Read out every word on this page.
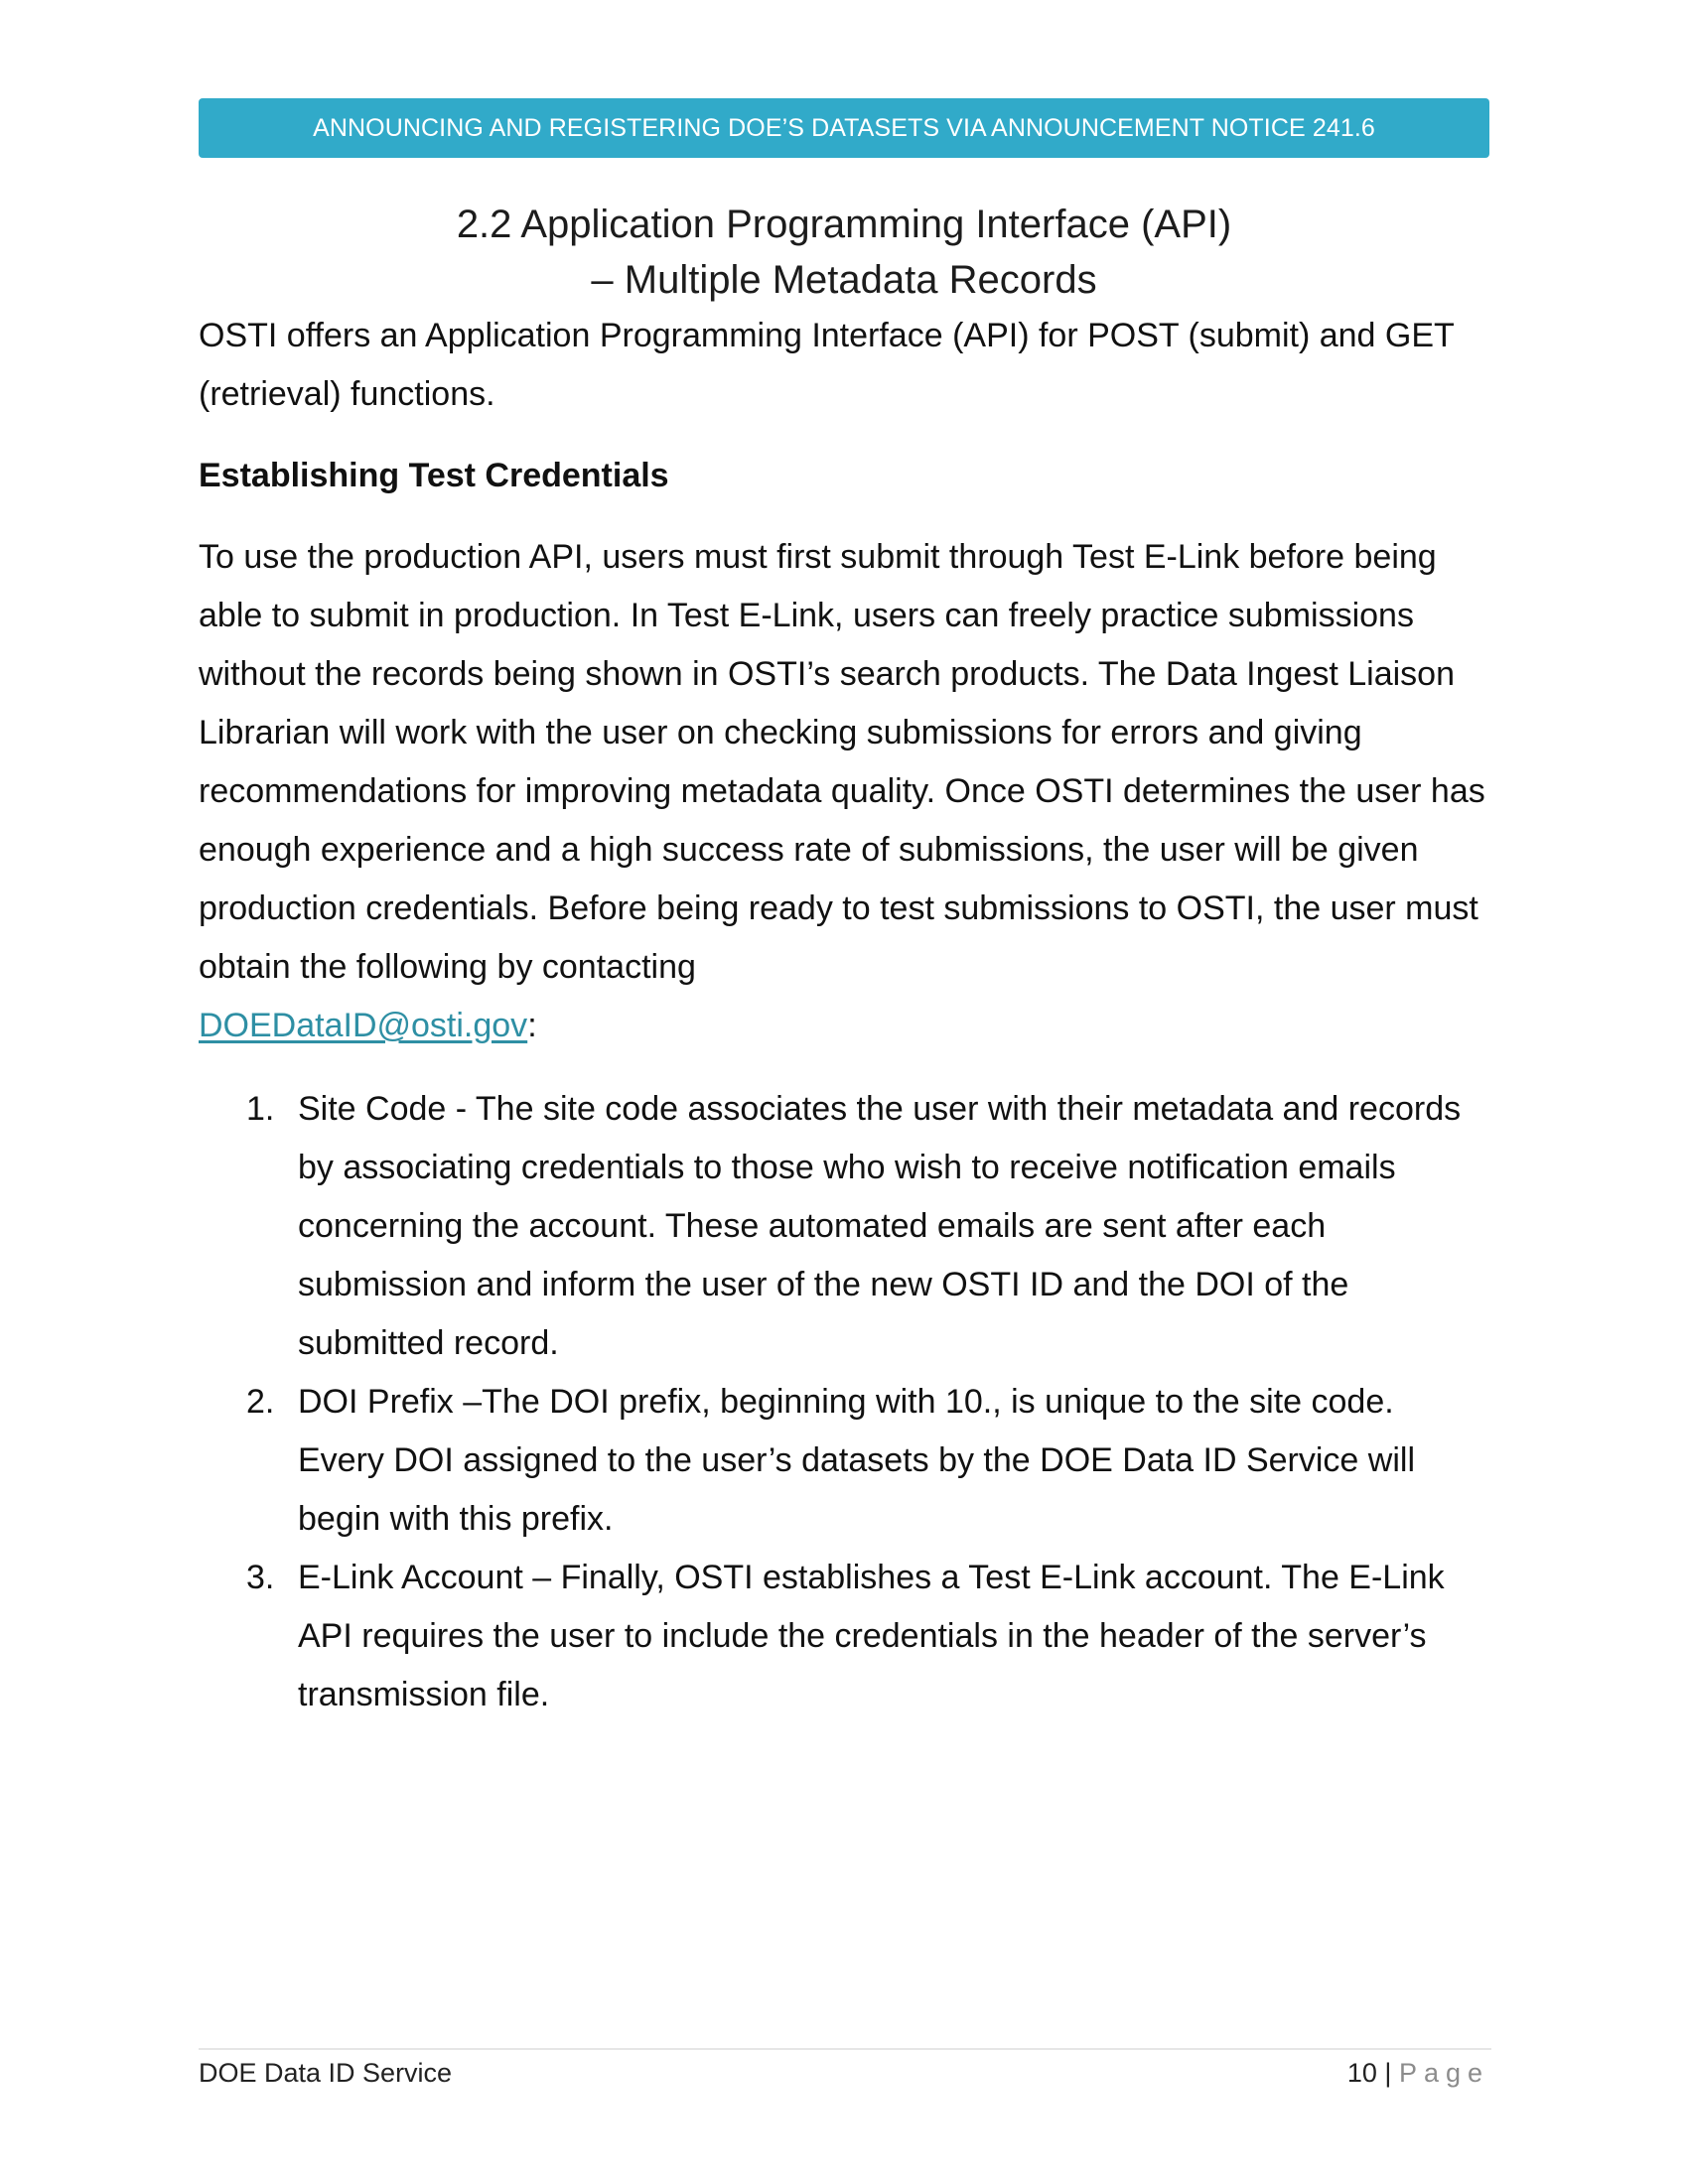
ANNOUNCING AND REGISTERING DOE’S DATASETS VIA ANNOUNCEMENT NOTICE 241.6
2.2 Application Programming Interface (API)
– Multiple Metadata Records
OSTI offers an Application Programming Interface (API) for POST (submit) and GET (retrieval) functions.
Establishing Test Credentials
To use the production API, users must first submit through Test E-Link before being able to submit in production. In Test E-Link, users can freely practice submissions without the records being shown in OSTI’s search products. The Data Ingest Liaison Librarian will work with the user on checking submissions for errors and giving recommendations for improving metadata quality. Once OSTI determines the user has enough experience and a high success rate of submissions, the user will be given production credentials. Before being ready to test submissions to OSTI, the user must obtain the following by contacting
DOEDataID@osti.gov:
1. Site Code - The site code associates the user with their metadata and records by associating credentials to those who wish to receive notification emails concerning the account. These automated emails are sent after each submission and inform the user of the new OSTI ID and the DOI of the submitted record.
2. DOI Prefix –The DOI prefix, beginning with 10., is unique to the site code. Every DOI assigned to the user’s datasets by the DOE Data ID Service will begin with this prefix.
3. E-Link Account – Finally, OSTI establishes a Test E-Link account. The E-Link API requires the user to include the credentials in the header of the server’s transmission file.
DOE Data ID Service	10 | Page
